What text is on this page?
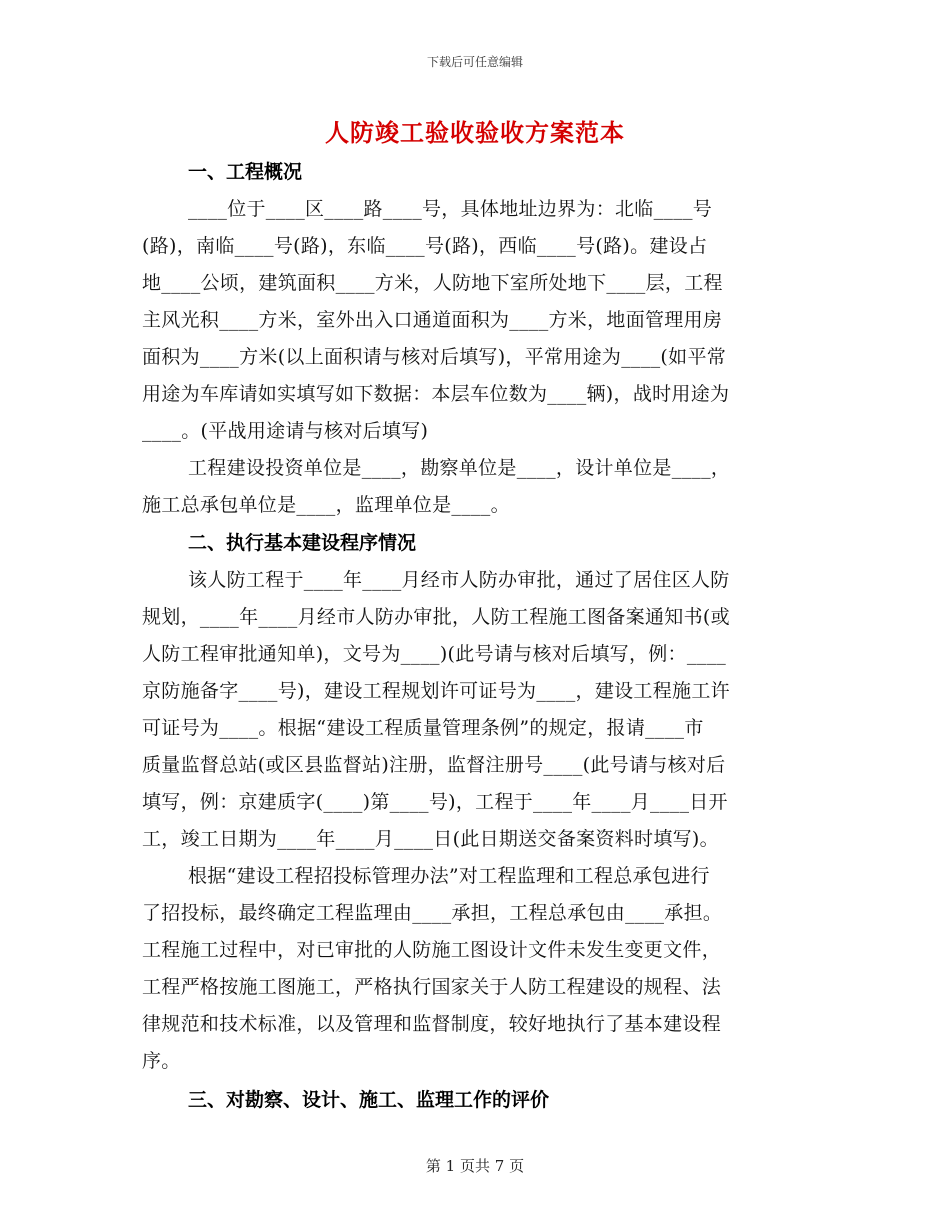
下载后可任意编辑
人防竣工验收验收方案范本
一、工程概况
____位于____区____路____号，具体地址边界为：北临____号
(路)，南临____号(路)，东临____号(路)，西临____号(路)。建设占
地____公顷，建筑面积____方米，人防地下室所处地下____层，工程
主风光积____方米，室外出入口通道面积为____方米，地面管理用房
面积为____方米(以上面积请与核对后填写)，平常用途为____(如平常
用途为车库请如实填写如下数据：本层车位数为____辆)，战时用途为
____。(平战用途请与核对后填写)
工程建设投资单位是____，勘察单位是____，设计单位是____，
施工总承包单位是____，监理单位是____。
二、执行基本建设程序情况
该人防工程于____年____月经市人防办审批，通过了居住区人防
规划，____年____月经市人防办审批，人防工程施工图备案通知书(或
人防工程审批通知单)，文号为____)(此号请与核对后填写，例：____
京防施备字____号)，建设工程规划许可证号为____，建设工程施工许
可证号为____。根据“建设工程质量管理条例”的规定，报请____市
质量监督总站(或区县监督站)注册，监督注册号____(此号请与核对后
填写，例：京建质字(____)第____号)，工程于____年____月____日开
工，竣工日期为____年____月____日(此日期送交备案资料时填写)。
根据“建设工程招投标管理办法”对工程监理和工程总承包进行
了招投标，最终确定工程监理由____承担，工程总承包由____承担。
工程施工过程中，对已审批的人防施工图设计文件未发生变更文件，
工程严格按施工图施工，严格执行国家关于人防工程建设的规程、法
律规范和技术标准，以及管理和监督制度，较好地执行了基本建设程
序。
三、对勘察、设计、施工、监理工作的评价
第 1 页共 7 页
